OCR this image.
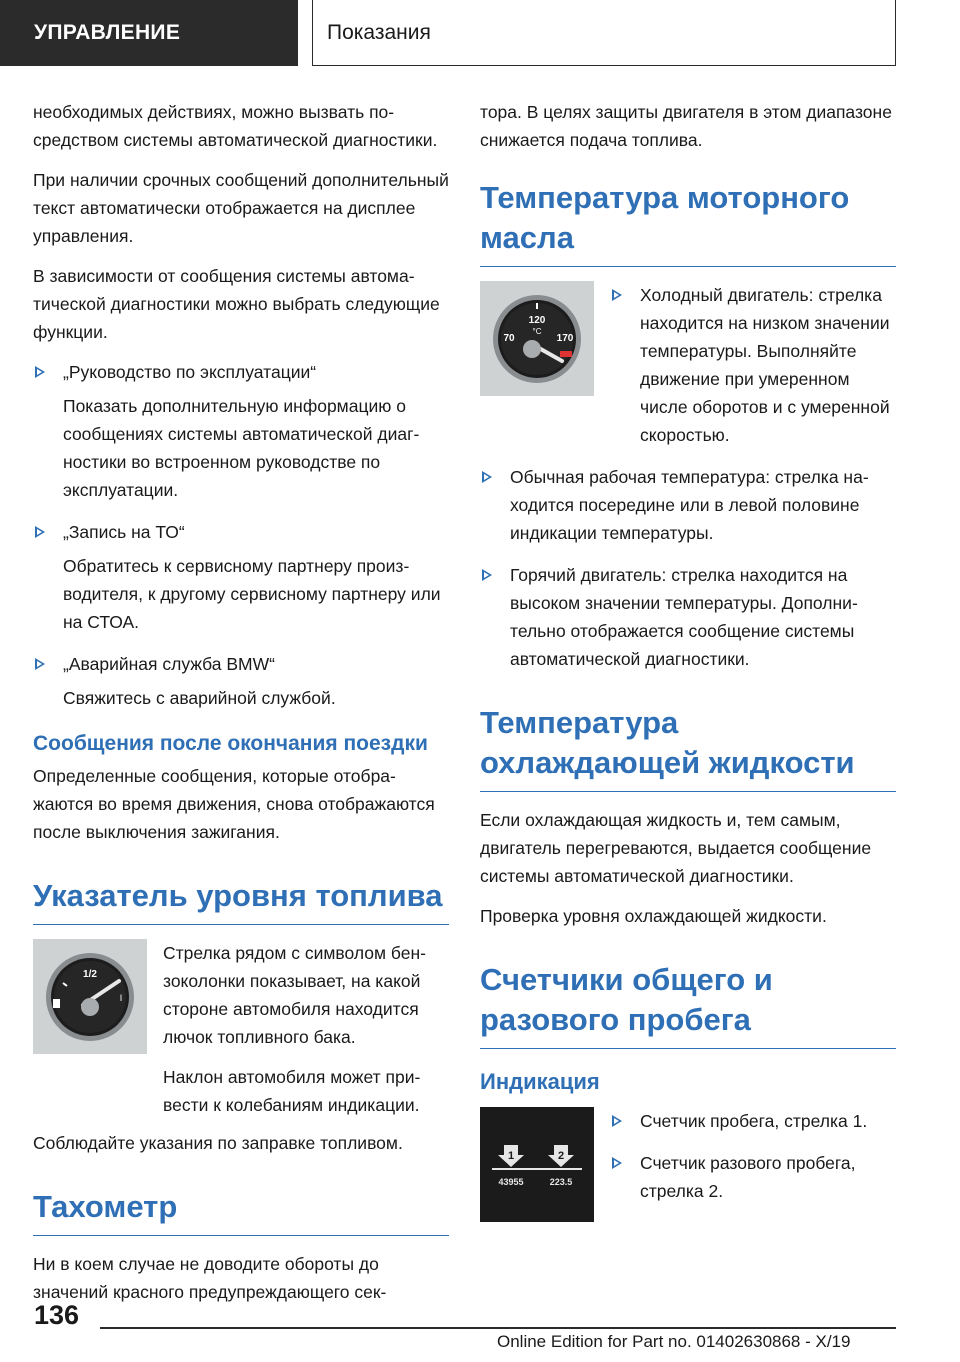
УПРАВЛЕНИЕ	Показания

необходимых действиях, можно вызвать посредством системы автоматической диагностики.

При наличии срочных сообщений дополнительный текст автоматически отображается на дисплее управления.

В зависимости от сообщения системы автоматической диагностики можно выбрать следующие функции.

„Руководство по эксплуатации“

Показать дополнительную информацию о сообщениях системы автоматической диагностики во встроенном руководстве по эксплуатации.

„Запись на ТО“

Обратитесь к сервисному партнеру производителя, к другому сервисному партнеру или на СТОА.

„Аварийная служба BMW“

Свяжитесь с аварийной службой.

Сообщения после окончания поездки

Определенные сообщения, которые отображаются во время движения, снова отображаются после выключения зажигания.

Указатель уровня топлива
1/2
I

Стрелка рядом с символом бензоколонки показывает, на какой стороне автомобиля находится лючок топливного бака.

Наклон автомобиля может привести к колебаниям индикации.

Соблюдайте указания по заправке топливом.

Тахометр

Ни в коем случае не доводите обороты до значений красного предупреждающего сек-

тора. В целях защиты двигателя в этом диапазоне снижается подача топлива.

Температура моторного масла
120
°C
70	170

Холодный двигатель: стрелка находится на низком значении температуры. Выполняйте движение при умеренном числе оборотов и с умеренной скоростью.

Обычная рабочая температура: стрелка находится посередине или в левой половине индикации температуры.

Горячий двигатель: стрелка находится на высоком значении температуры. Дополнительно отображается сообщение системы автоматической диагностики.

Температура охлаждающей жидкости

Если охлаждающая жидкость и, тем самым, двигатель перегреваются, выдается сообщение системы автоматической диагностики.

Проверка уровня охлаждающей жидкости.

Счетчики общего и разового пробега
Индикация
1	2
43955	223.5

Счетчик пробега, стрелка 1.

Счетчик разового пробега, стрелка 2.

136
Online Edition for Part no. 01402630868 - X/19
